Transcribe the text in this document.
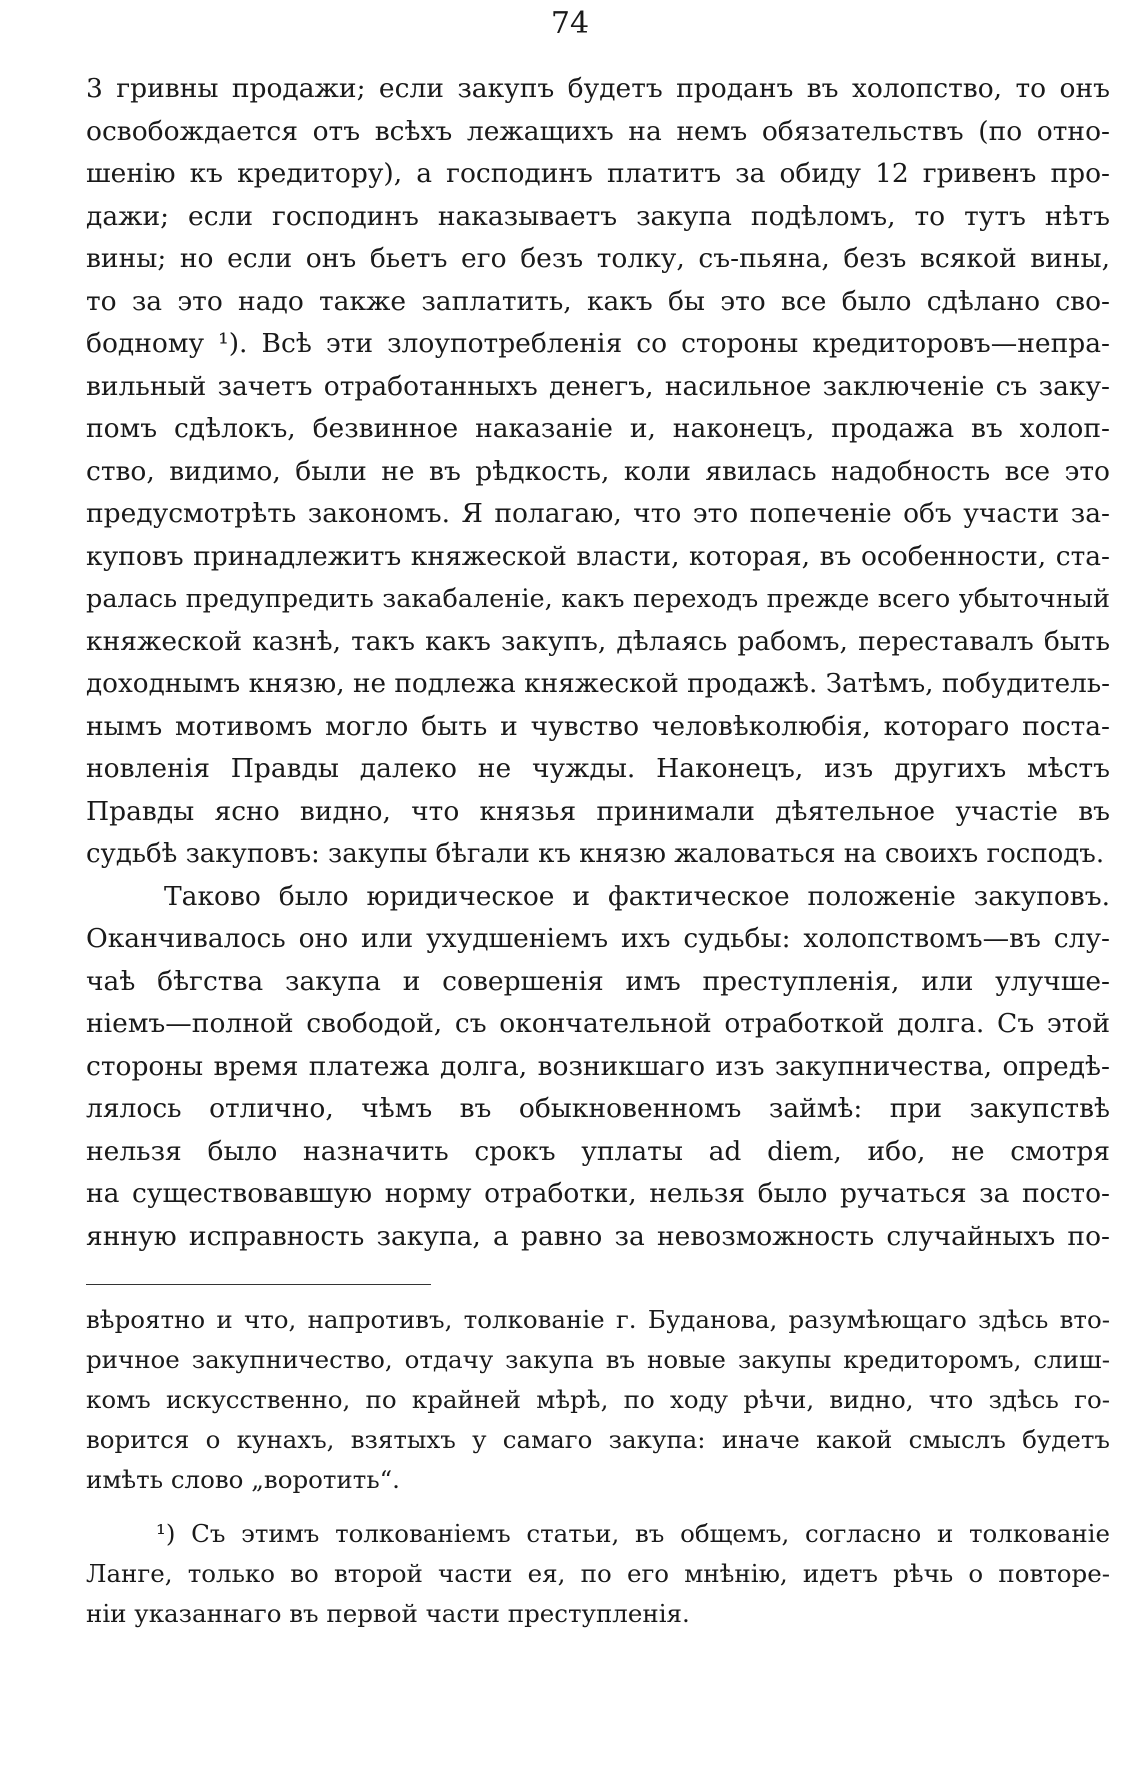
74
3 гривны продажи; если закупъ будетъ проданъ въ холопство, то онъ
освобождается отъ всѣхъ лежащихъ на немъ обязательствъ (по отно-
шенію къ кредитору), а господинъ платитъ за обиду 12 гривенъ про-
дажи; если господинъ наказываетъ закупа подѣломъ, то тутъ нѣтъ
вины; но если онъ бьетъ его безъ толку, съ-пьяна, безъ всякой вины,
то за это надо также заплатить, какъ бы это все было сдѣлано сво-
бодному ¹). Всѣ эти злоупотребленія со стороны кредиторовъ—непра-
вильный зачетъ отработанныхъ денегъ, насильное заключеніе съ заку-
помъ сдѣлокъ, безвинное наказаніе и, наконецъ, продажа въ холоп-
ство, видимо, были не въ рѣдкость, коли явилась надобность все это
предусмотрѣть закономъ. Я полагаю, что это попеченіе объ участи за-
куповъ принадлежитъ княжеской власти, которая, въ особенности, ста-
ралась предупредить закабаленіе, какъ переходъ прежде всего убыточный
княжеской казнѣ, такъ какъ закупъ, дѣлаясь рабомъ, переставалъ быть
доходнымъ князю, не подлежа княжеской продажѣ. Затѣмъ, побудитель-
нымъ мотивомъ могло быть и чувство человѣколюбія, котораго поста-
новленія Правды далеко не чужды. Наконецъ, изъ другихъ мѣстъ
Правды ясно видно, что князья принимали дѣятельное участіе въ
судьбѣ закуповъ: закупы бѣгали къ князю жаловаться на своихъ господъ.
Таково было юридическое и фактическое положеніе закуповъ.
Оканчивалось оно или ухудшеніемъ ихъ судьбы: холопствомъ—въ слу-
чаѣ бѣгства закупа и совершенія имъ преступленія, или улучше-
ніемъ—полной свободой, съ окончательной отработкой долга. Съ этой
стороны время платежа долга, возникшаго изъ закупничества, опредѣ-
лялось отлично, чѣмъ въ обыкновенномъ займѣ: при закупствѣ
нельзя было назначить срокъ уплаты ad diem, ибо, не смотря
на существовавшую норму отработки, нельзя было ручаться за посто-
янную исправность закупа, а равно за невозможность случайныхъ по-
вѣроятно и что, напротивъ, толкованіе г. Буданова, разумѣющаго здѣсь вто-
ричное закупничество, отдачу закупа въ новые закупы кредиторомъ, слиш-
комъ искусственно, по крайней мѣрѣ, по ходу рѣчи, видно, что здѣсь го-
ворится о кунахъ, взятыхъ у самаго закупа: иначе какой смыслъ будетъ
имѣть слово „воротить“.
¹) Съ этимъ толкованіемъ статьи, въ общемъ, согласно и толкованіе
Ланге, только во второй части ея, по его мнѣнію, идетъ рѣчь о повторе-
ніи указаннаго въ первой части преступленія.
